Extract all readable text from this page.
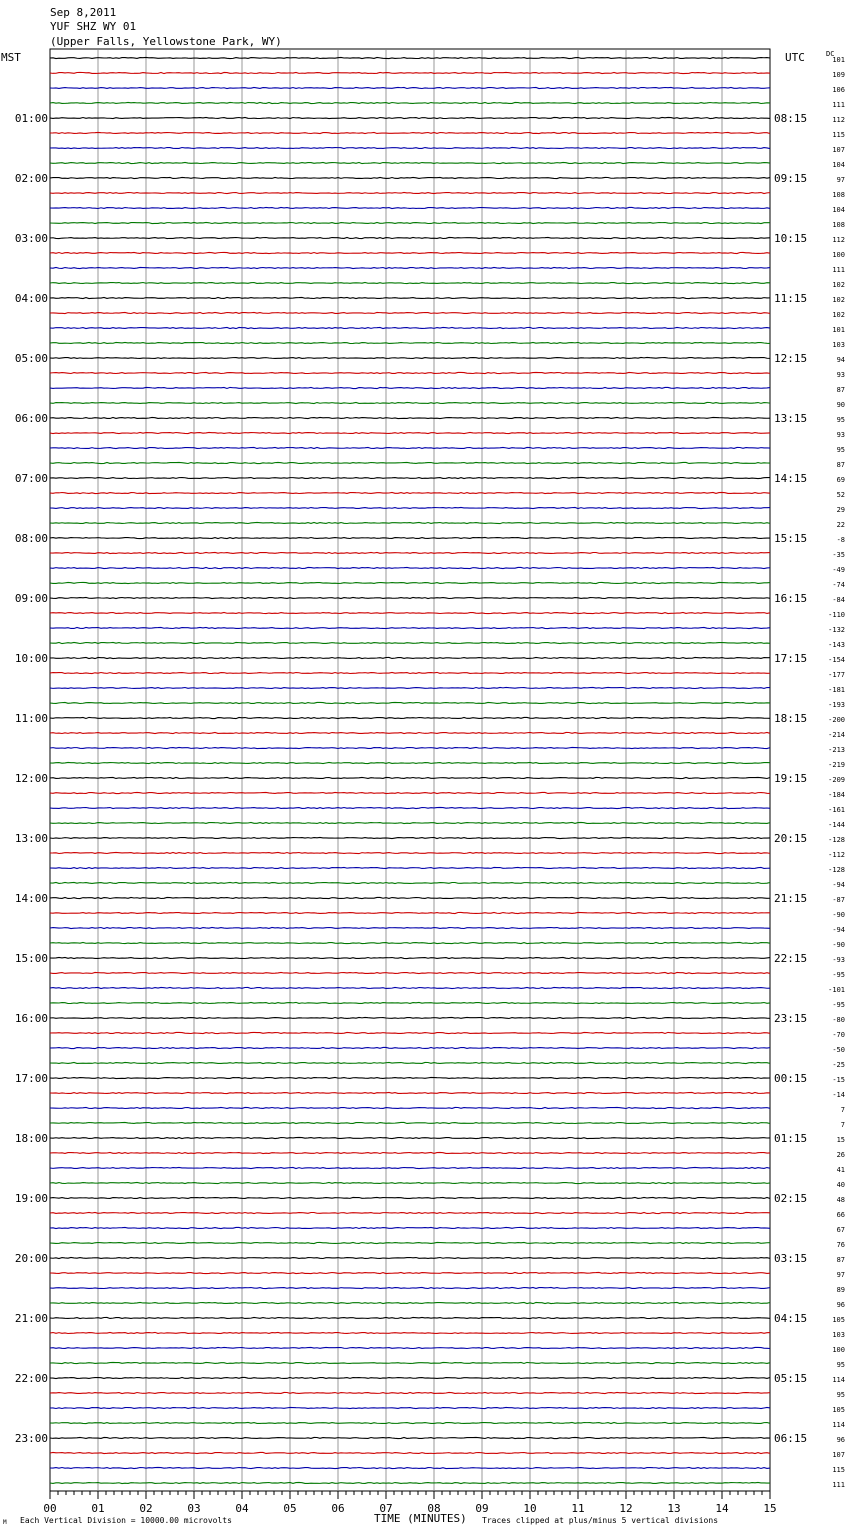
Sep 8,2011
YUF SHZ WY 01
(Upper Falls, Yellowstone Park, WY)
MST	UTC	DC
00	01	02	03	04	05	06	07	08	09	10	11	12	13	14	15
101
109
106
111
112
115
107
104
97
108
104
108
112
100
111
102
102
102
101
103
94
93
87
90
95
93
95
87
69
52
29
22
-8
-35
-49
-74
-84
-110
-132
-143
-154
-177
-181
-193
-200
-214
-213
-219
-209
-184
-161
-144
-128
-112
-128
-94
-87
-90
-94
-90
-93
-95
-101
-95
-80
-70
-50
-25
-15
-14
7
7
15
26
41
40
48
66
67
76
87
97
89
96
105
103
100
95
114
95
105
114
96
107
115
111
01:00
02:00
03:00
04:00
05:00
06:00
07:00
08:00
09:00
10:00
11:00
12:00
13:00
14:00
15:00
16:00
17:00
18:00
19:00
20:00
21:00
22:00
23:00
08:15
09:15
10:15
11:15
12:15
13:15
14:15
15:15
16:15
17:15
18:15
19:15
20:15
21:15
22:15
23:15
00:15
01:15
02:15
03:15
04:15
05:15
06:15
M Each Vertical Division = 10000.00 microvolts	TIME (MINUTES) Traces clipped at plus/minus 5 vertical divisions
